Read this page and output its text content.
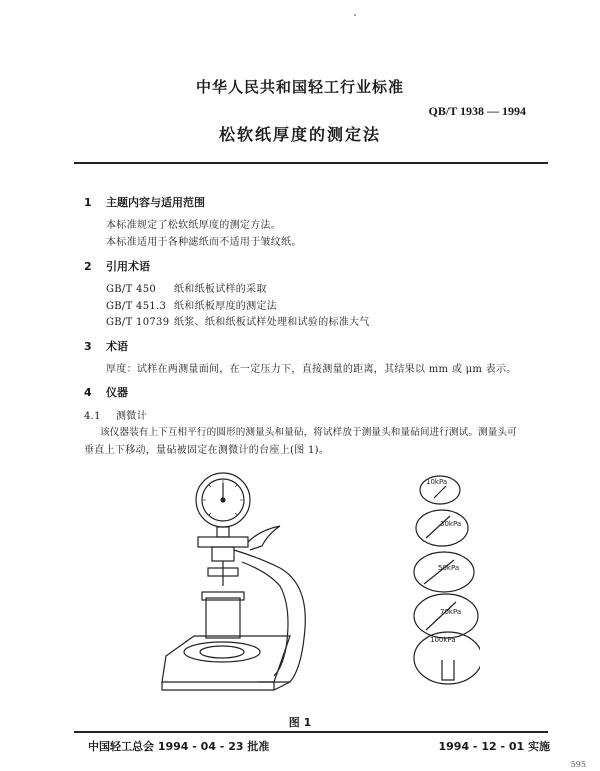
中华人民共和国轻工行业标准
QB/T 1938 — 1994
松软纸厚度的测定法
1 主题内容与适用范围
本标准规定了松软纸厚度的测定方法。
本标准适用于各种滤纸而不适用于皱纹纸。
2 引用术语
GB/T 450 纸和纸板试样的采取
GB/T 451.3 纸和纸板厚度的测定法
GB/T 10739 纸浆、纸和纸板试样处理和试验的标准大气
3 术语
厚度：试样在两测量面间，在一定压力下，直接测量的距离，其结果以 mm 或 μm 表示。
4 仪器
4.1 测微计
该仪器装有上下互相平行的圆形的测量头和量砧，将试样放于测量头和量砧间进行测试。测量头可
垂直上下移动，量砧被固定在测微计的台座上(图 1)。
10kPa
30kPa
50kPa
70kPa
100kPa
图 1
中国轻工总会 1994 - 04 - 23 批准	1994 - 12 - 01 实施
595
